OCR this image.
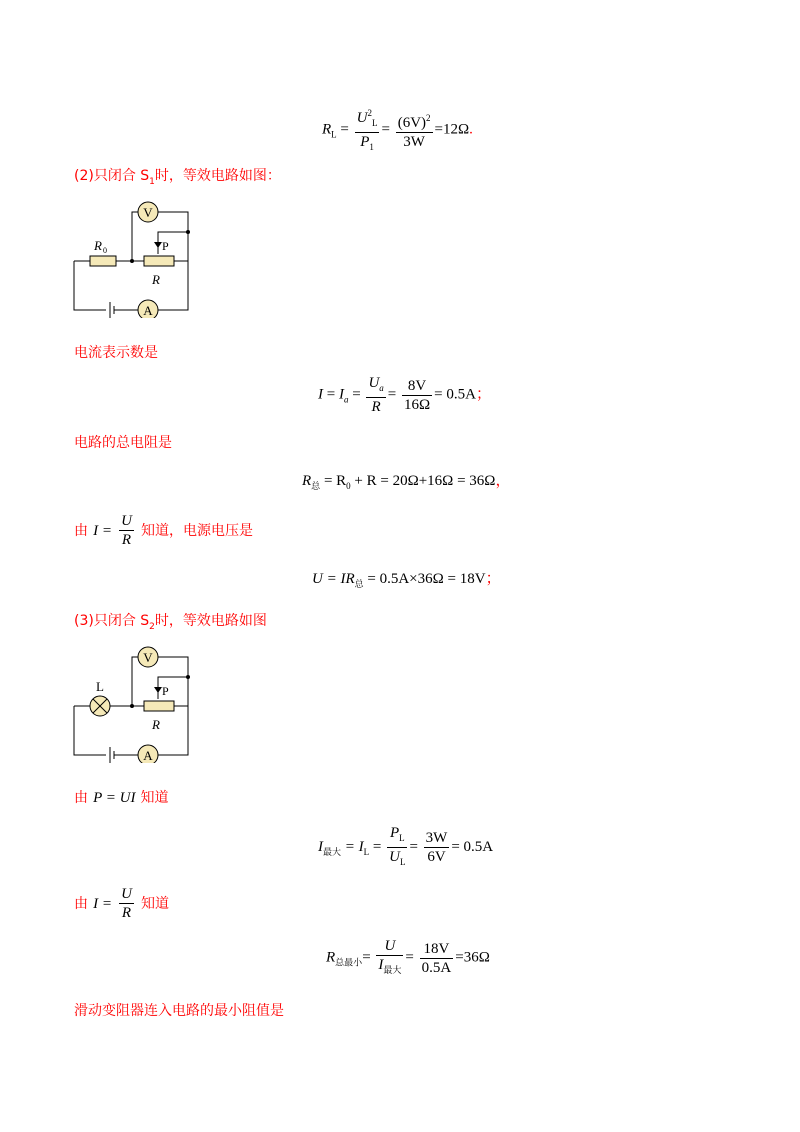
$R_L = \frac{U^2_L}{P_1} = \frac{(6V)^2}{3W} =12\Omega$.
(2)只闭合 $S_1$时，等效电路如图：
V
A
R 0	P
R
电流表示数是
$I = I_a = \frac{U_a}{R} = \frac{8V}{16\Omega} = 0.5A$；
电路的总电阻是
$R_总 = R_0 + R = 20\Omega+16\Omega = 36\Omega$，
由 $I = \frac{U}{R}$ 知道，电源电压是
$U = IR_总 = 0.5A\times 36\Omega = 18V$；
(3)只闭合 $S_2$时，等效电路如图
V
A
L	P
R
由 P = UI 知道
$I_{最大} = I_L = \frac{P_L}{U_L} = \frac{3W}{6V} = 0.5A$
由 $I = \frac{U}{R}$ 知道
$R_{总最小}= \frac{U}{I_{最大}} = \frac{18V}{0.5A} =36\Omega$
滑动变阻器连入电路的最小阻值是
